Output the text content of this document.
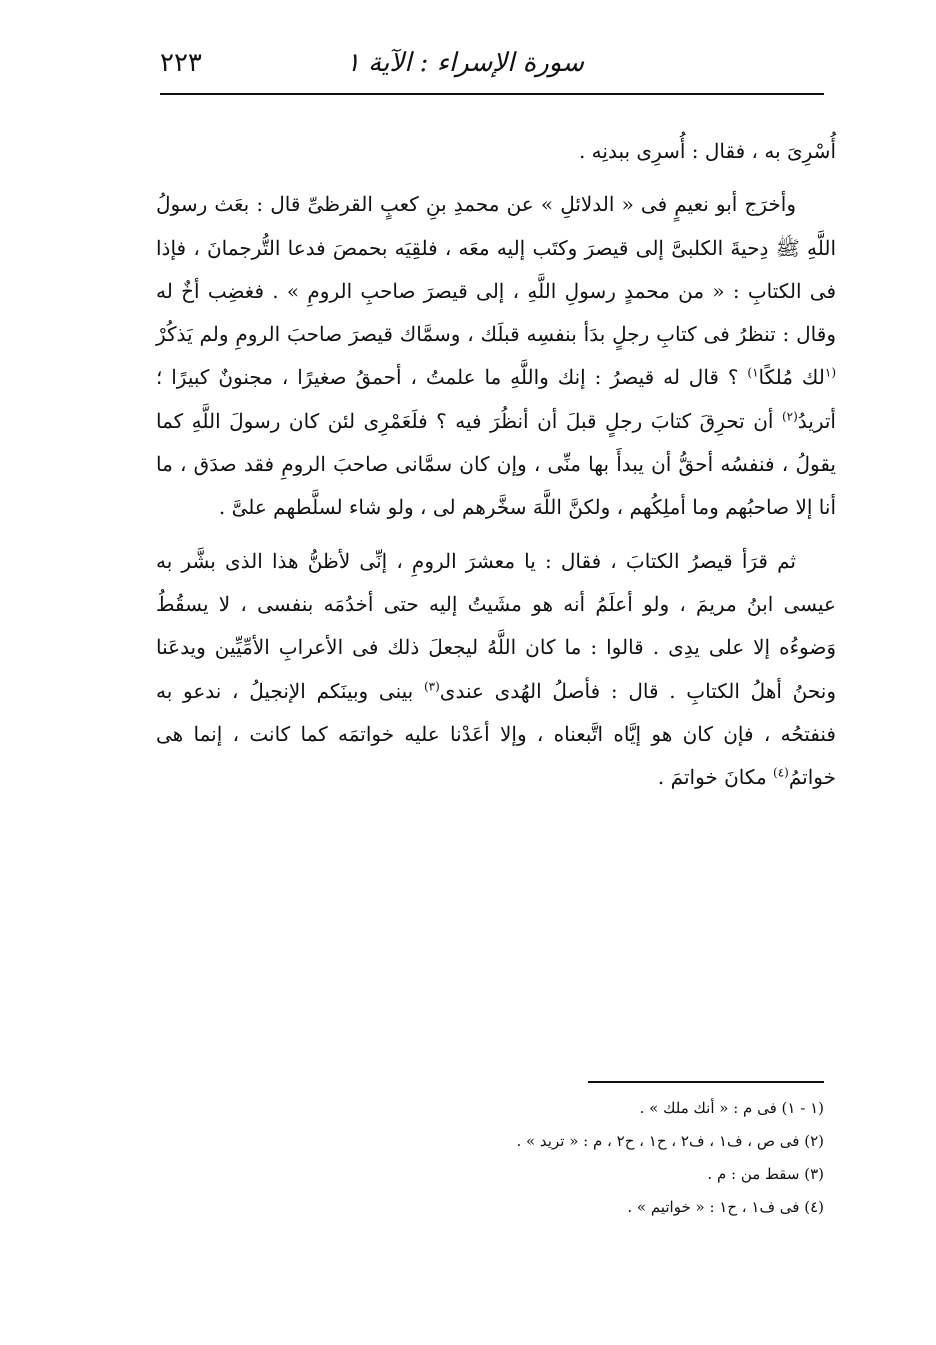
سورة الإسراء : الآية ١
٢٢٣

أُسْرِىَ به ، فقال : أُسرِى ببدنِه .

وأخرَج أبو نعيمٍ فى « الدلائلِ » عن محمدِ بنِ كعبٍ القرظىِّ قال : بعَث رسولُ اللَّهِ ﷺ دِحيةَ الكلبىَّ إلى قيصرَ وكتَب إليه معَه ، فلقِيَه بحمصَ فدعا التُّرجمانَ ، فإذا فى الكتابِ : « من محمدٍ رسولِ اللَّهِ ، إلى قيصرَ صاحبِ الرومِ » . فغضِب أخٌ له وقال : تنظرُ فى كتابِ رجلٍ بدَأ بنفسِه قبلَك ، وسمَّاك قيصرَ صاحبَ الرومِ ولم يَذكُرْ $^{(١}$لك مُلكًا$^{١)}$ ؟ قال له قيصرُ : إنك واللَّهِ ما علمتُ ، أحمقُ صغيرًا ، مجنونٌ كبيرًا ؛ أتريدُ$^{(٢)}$ أن تحرِقَ كتابَ رجلٍ قبلَ أن أنظُرَ فيه ؟ فلَعَمْرِى لئن كان رسولَ اللَّهِ كما يقولُ ، فنفسُه أحقُّ أن يبدأَ بها منِّى ، وإن كان سمَّانى صاحبَ الرومِ فقد صدَق ، ما أنا إلا صاحبُهم وما أملِكُهم ، ولكنَّ اللَّهَ سخَّرهم لى ، ولو شاء لسلَّطهم علىَّ .

ثم قرَأ قيصرُ الكتابَ ، فقال : يا معشرَ الرومِ ، إنِّى لأظنُّ هذا الذى بشَّر به عيسى ابنُ مريمَ ، ولو أعلَمُ أنه هو مشَيتُ إليه حتى أخدُمَه بنفسى ، لا يسقُطُ وَضوءُه إلا على يدِى . قالوا : ما كان اللَّهُ ليجعلَ ذلك فى الأعرابِ الأمِّيِّين ويدعَنا ونحنُ أهلُ الكتابِ . قال : فأصلُ الهُدى عندى$^{(٣)}$ بينى وبينَكم الإنجيلُ ، ندعو به فنفتحُه ، فإن كان هو إيَّاه اتَّبعناه ، وإلا أعَدْنا عليه خواتمَه كما كانت ، إنما هى خواتمُ$^{(٤)}$ مكانَ خواتمَ .

(١ - ١) فى م : « أنك ملك » .
(٢) فى ص ، ف١ ، ف٢ ، ح١ ، ح٢ ، م : « تريد » .
(٣) سقط من : م .
(٤) فى ف١ ، ح١ : « خواتيم » .
